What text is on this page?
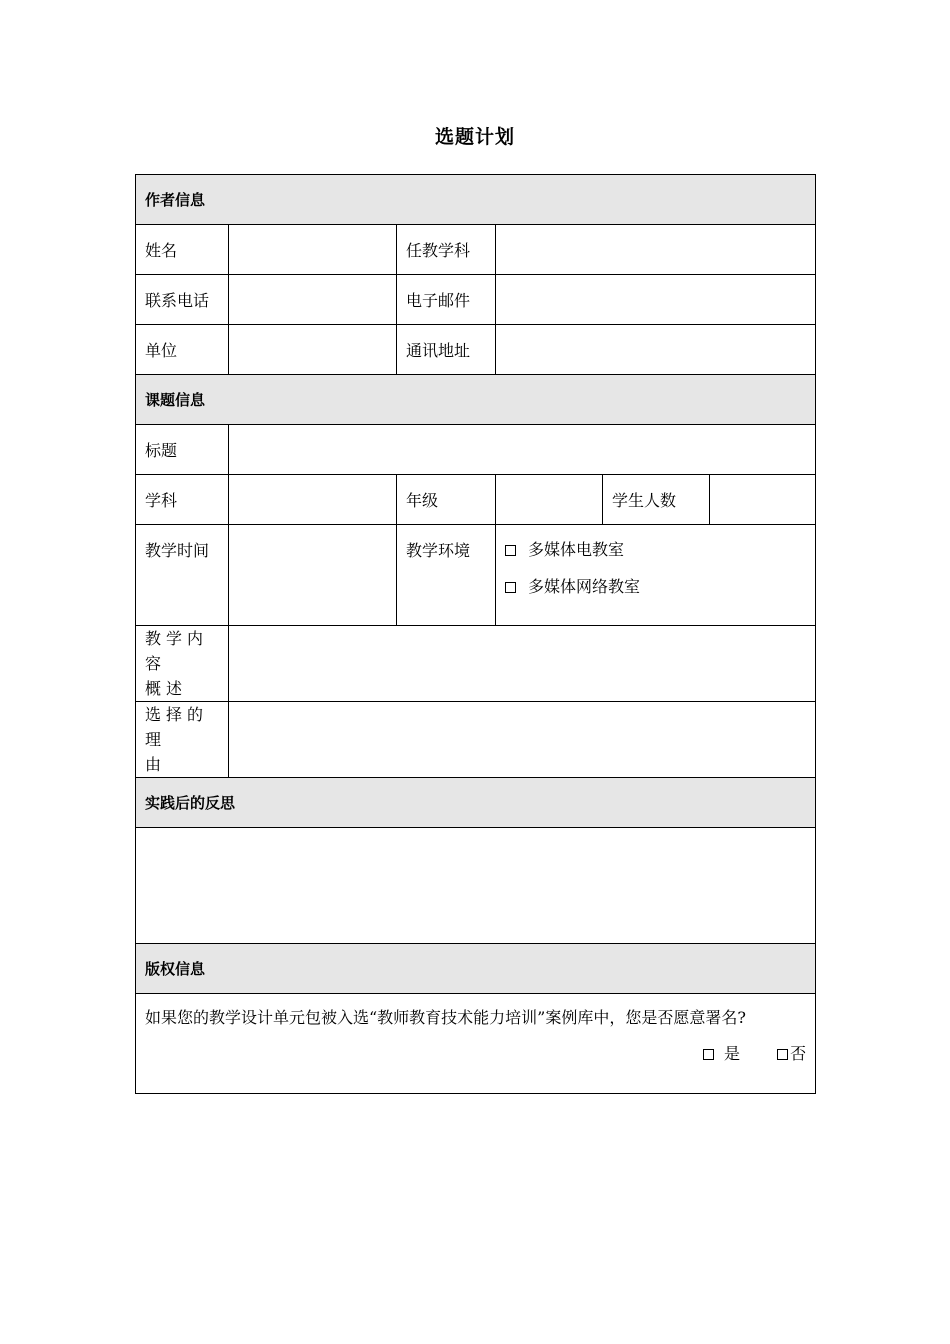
选题计划
作者信息					
姓名		任教学科			
联系电话		电子邮件			
单位		通讯地址			
课题信息					
标题					
学科		年级		学生人数	
教学时间		教学环境	多媒体电教室
多媒体网络教室		

教学内容
概述					

选择的理
由					

实践后的反思					

版权信息					

如果您的教学设计单元包被入选“教师教育技术能力培训”案例库中，您是否愿意署名?
是
否					
